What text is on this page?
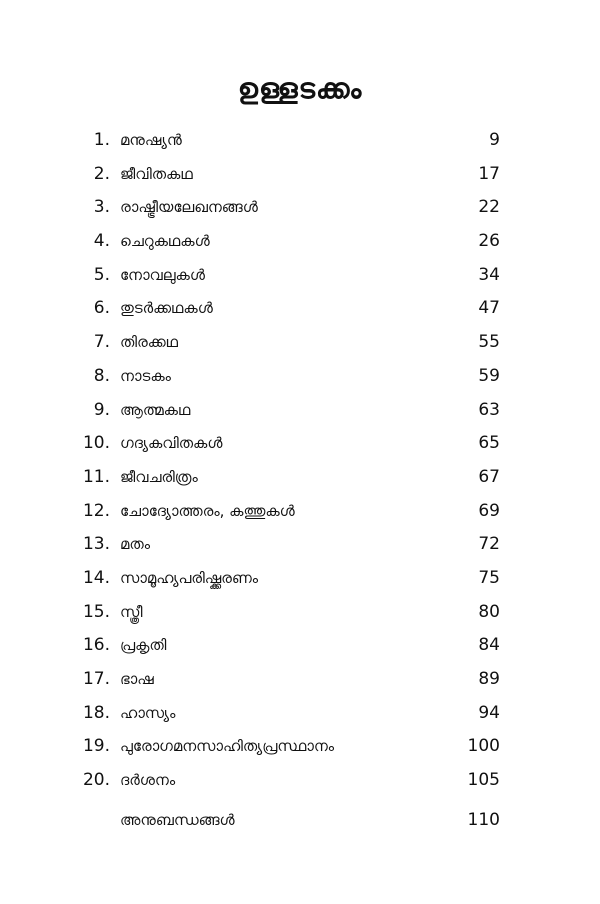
ഉള്ളടക്കം
1. മനുഷ്യൻ	9
2. ജീവിതകഥ	17
3. രാഷ്ട്രീയലേഖനങ്ങൾ	22
4. ചെറുകഥകൾ	26
5. നോവലുകൾ	34
6. തുടർക്കഥകൾ	47
7. തിരക്കഥ	55
8. നാടകം	59
9. ആത്മകഥ	63
10. ഗദ്യകവിതകൾ	65
11. ജീവചരിത്രം	67
12. ചോദ്യോത്തരം, കത്തുകൾ	69
13. മതം	72
14. സാമൂഹ്യപരിഷ്ക്കരണം	75
15. സ്ത്രീ	80
16. പ്രകൃതി	84
17. ഭാഷ	89
18. ഹാസ്യം	94
19. പുരോഗമനസാഹിത്യപ്രസ്ഥാനം	100
20. ദർശനം	105
അനുബന്ധങ്ങൾ	110
